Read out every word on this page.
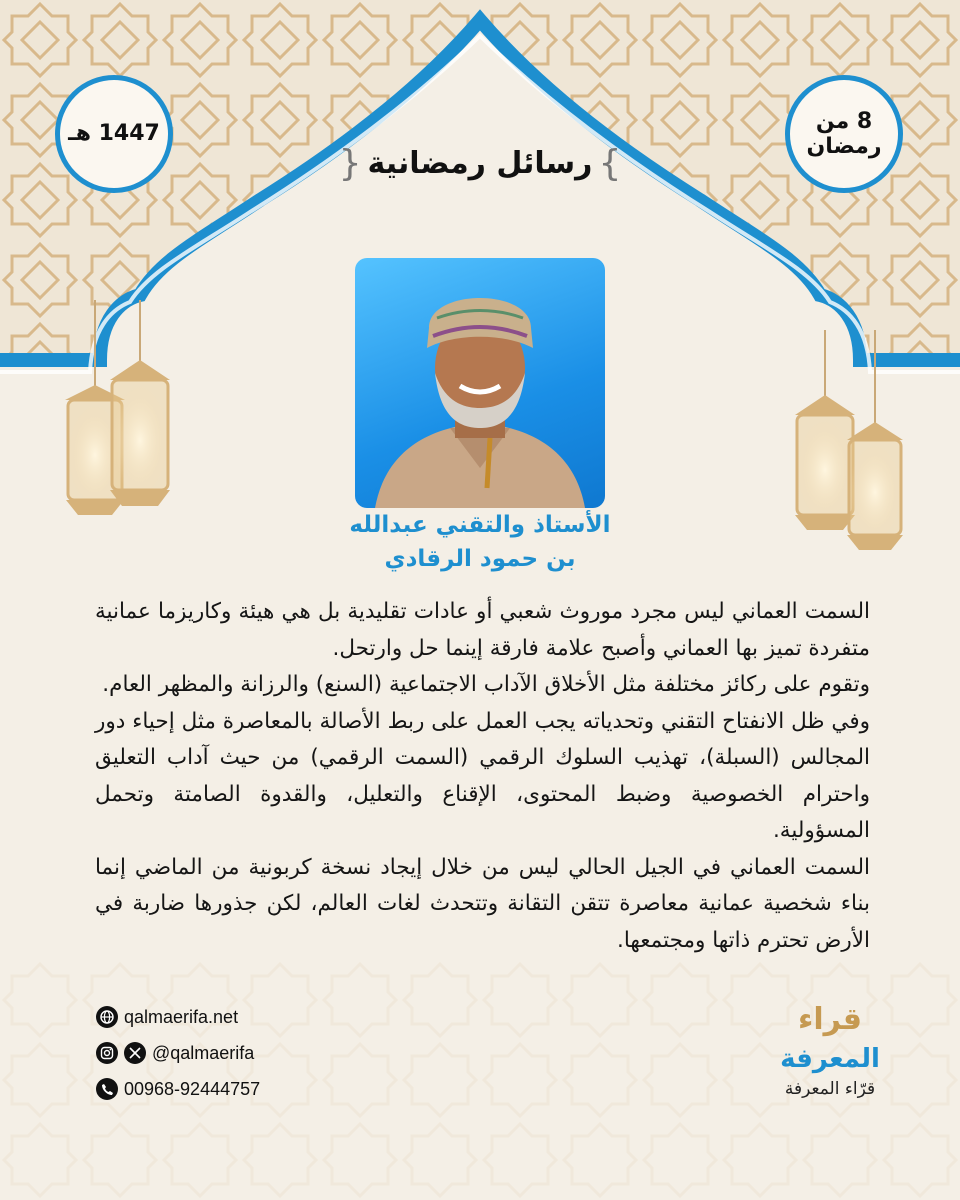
1447 هـ
8 من
رمضان
}
رسائل رمضانية
{
الأستاذ والتقني عبدالله
بن حمود الرقادي

السمت العماني ليس مجرد موروث شعبي أو عادات تقليدية بل هي هيئة وكاريزما عمانية متفردة تميز بها العماني وأصبح علامة فارقة إينما حل وارتحل.

وتقوم على ركائز مختلفة مثل الأخلاق الآداب الاجتماعية (السنع) والرزانة والمظهر العام.

وفي ظل الانفتاح التقني وتحدياته يجب العمل على ربط الأصالة بالمعاصرة مثل إحياء دور المجالس (السبلة)، تهذيب السلوك الرقمي (السمت الرقمي) من حيث آداب التعليق واحترام الخصوصية وضبط المحتوى، الإقناع والتعليل، والقدوة الصامتة وتحمل المسؤولية.

السمت العماني في الجيل الحالي ليس من خلال إيجاد نسخة كربونية من الماضي إنما بناء شخصية عمانية معاصرة تتقن التقانة وتتحدث لغات العالم، لكن جذورها ضاربة في الأرض تحترم ذاتها ومجتمعها.

qalmaerifa.net
@qalmaerifa
00968-92444757
قراء
المعرفة
قرّاء المعرفة
